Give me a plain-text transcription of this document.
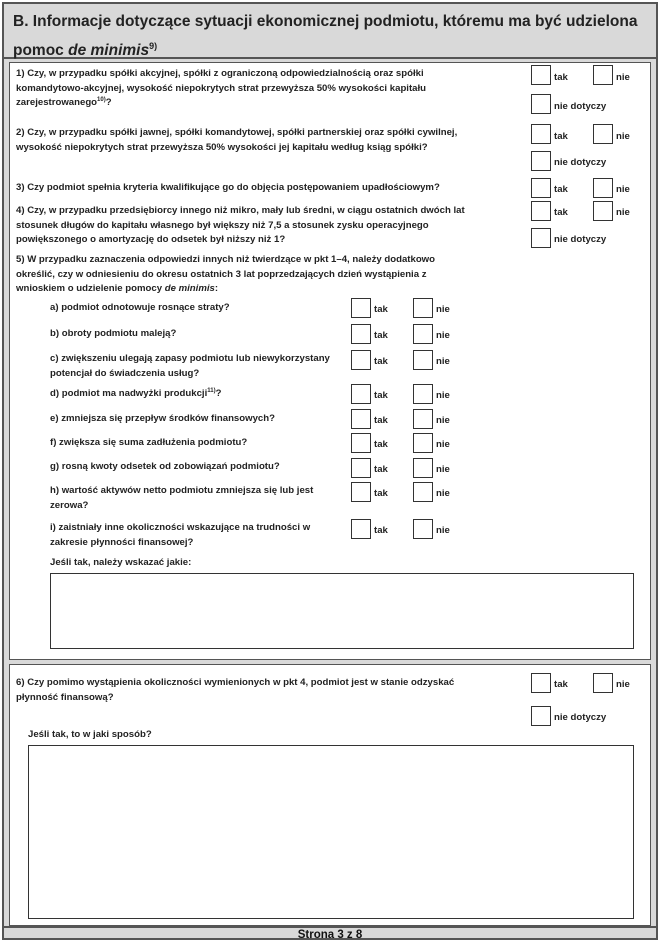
B. Informacje dotyczące sytuacji ekonomicznej podmiotu, któremu ma być udzielona
pomoc de minimis$^{9)}$
1) Czy, w przypadku spółki akcyjnej, spółki z ograniczoną odpowiedzialnością oraz spółki
komandytowo-akcyjnej, wysokość niepokrytych strat przewyższa 50% wysokości kapitału
zarejestrowanego$^{10)}$?
tak	nie
nie dotyczy
2) Czy, w przypadku spółki jawnej, spółki komandytowej, spółki partnerskiej oraz spółki cywilnej,
wysokość niepokrytych strat przewyższa 50% wysokości jej kapitału według ksiąg spółki?
tak	nie
nie dotyczy
3) Czy podmiot spełnia kryteria kwalifikujące go do objęcia postępowaniem upadłościowym?	tak	nie
4) Czy, w przypadku przedsiębiorcy innego niż mikro, mały lub średni, w ciągu ostatnich dwóch lat
stosunek długów do kapitału własnego był większy niż 7,5 a stosunek zysku operacyjnego
powiększonego o amortyzację do odsetek był niższy niż 1?
tak	nie
nie dotyczy
5) W przypadku zaznaczenia odpowiedzi innych niż twierdzące w pkt 1–4, należy dodatkowo
określić, czy w odniesieniu do okresu ostatnich 3 lat poprzedzających dzień wystąpienia z
wnioskiem o udzielenie pomocy de minimis:
a) podmiot odnotowuje rosnące straty?	tak	nie
b) obroty podmiotu maleją?	tak	nie
c) zwiększeniu ulegają zapasy podmiotu lub niewykorzystany
potencjał do świadczenia usług?
tak	nie
d) podmiot ma nadwyżki produkcji$^{11)}$?	tak	nie
e) zmniejsza się przepływ środków finansowych?	tak	nie
f) zwiększa się suma zadłużenia podmiotu?	tak	nie
g) rosną kwoty odsetek od zobowiązań podmiotu?	tak	nie
h) wartość aktywów netto podmiotu zmniejsza się lub jest
zerowa?
tak	nie
i) zaistniały inne okoliczności wskazujące na trudności w
zakresie płynności finansowej?
tak	nie
Jeśli tak, należy wskazać jakie:
6) Czy pomimo wystąpienia okoliczności wymienionych w pkt 4, podmiot jest w stanie odzyskać
płynność finansową?
tak	nie
nie dotyczy
Jeśli tak, to w jaki sposób?
Strona 3 z 8
